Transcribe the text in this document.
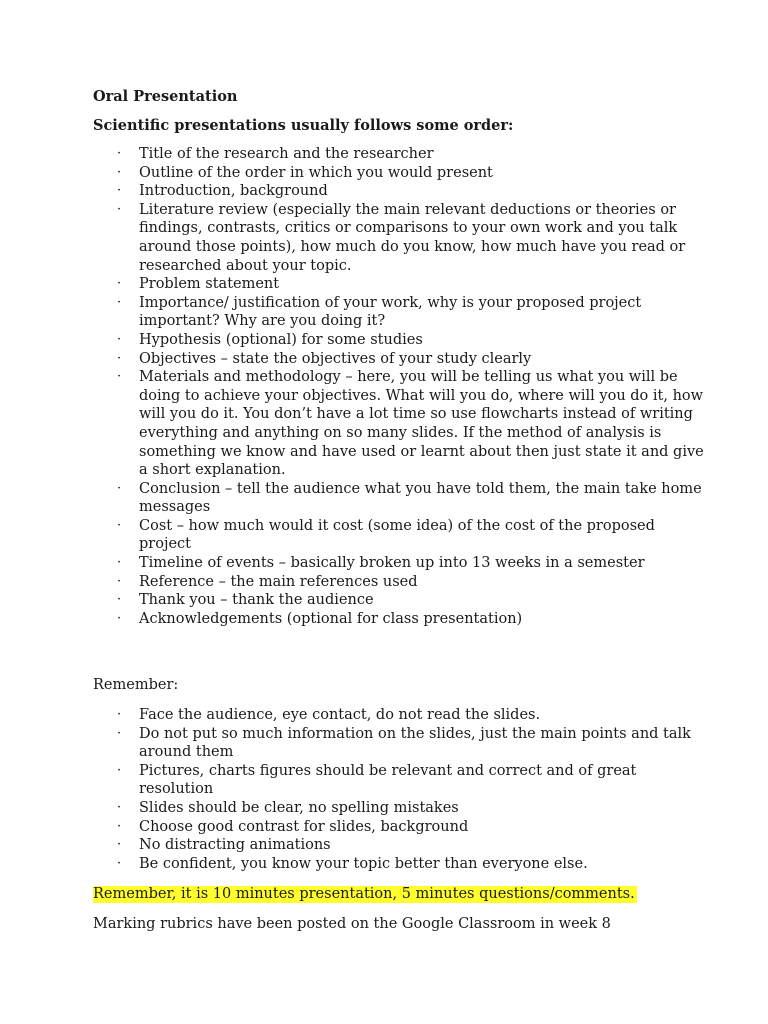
Oral Presentation
Scientific presentations usually follows some order:
· Title of the research and the researcher
· Outline of the order in which you would present
· Introduction, background
· Literature review (especially the main relevant deductions or theories or findings, contrasts, critics or comparisons to your own work and you talk around those points), how much do you know, how much have you read or researched about your topic.
· Problem statement
· Importance/ justification of your work, why is your proposed project important? Why are you doing it?
· Hypothesis (optional) for some studies
· Objectives – state the objectives of your study clearly
· Materials and methodology – here, you will be telling us what you will be doing to achieve your objectives. What will you do, where will you do it, how will you do it. You don’t have a lot time so use flowcharts instead of writing everything and anything on so many slides. If the method of analysis is something we know and have used or learnt about then just state it and give a short explanation.
· Conclusion – tell the audience what you have told them, the main take home messages
· Cost – how much would it cost (some idea) of the cost of the proposed project
· Timeline of events – basically broken up into 13 weeks in a semester
· Reference – the main references used
· Thank you – thank the audience
· Acknowledgements (optional for class presentation)
Remember:
· Face the audience, eye contact, do not read the slides.
· Do not put so much information on the slides, just the main points and talk around them
· Pictures, charts figures should be relevant and correct and of great resolution
· Slides should be clear, no spelling mistakes
· Choose good contrast for slides, background
· No distracting animations
· Be confident, you know your topic better than everyone else.
Remember, it is 10 minutes presentation, 5 minutes questions/comments.
Marking rubrics have been posted on the Google Classroom in week 8
